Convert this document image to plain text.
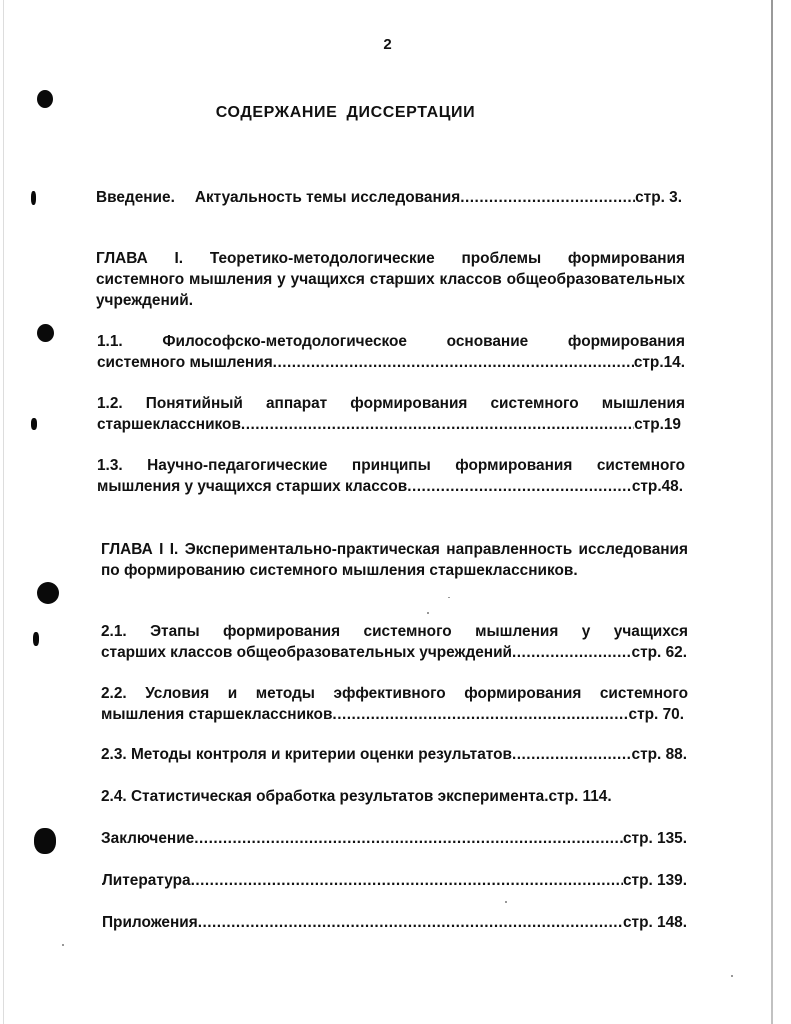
2
СОДЕРЖАНИЕ ДИССЕРТАЦИИ
Введение. Актуальность темы исследования .....	стр. 3.
ГЛАВА I. Теоретико-методологические проблемы формирования системного мышления у учащихся старших классов общеобразовательных учреждений.
1.1. Философско-методологическое основание формирования
системного мышления .....	стр.14.
1.2. Понятийный аппарат формирования системного мышления
старшеклассников .....	стр.19
1.3. Научно-педагогические принципы формирования системного
мышления у учащихся старших классов .....	стр.48.
ГЛАВА I I. Экспериментально-практическая направленность исследования по формированию системного мышления старшеклассников.
2.1. Этапы формирования системного мышления у учащихся
старших классов общеобразовательных учреждений .....	стр. 62.
2.2. Условия и методы эффективного формирования системного
мышления старшеклассников .....	стр. 70.
2.3. Методы контроля и критерии оценки результатов .....	стр. 88.
2.4. Статистическая обработка результатов эксперимента. стр. 114.
Заключение .....	стр. 135.
Литература .....	стр. 139.
Приложения .....	стр. 148.
